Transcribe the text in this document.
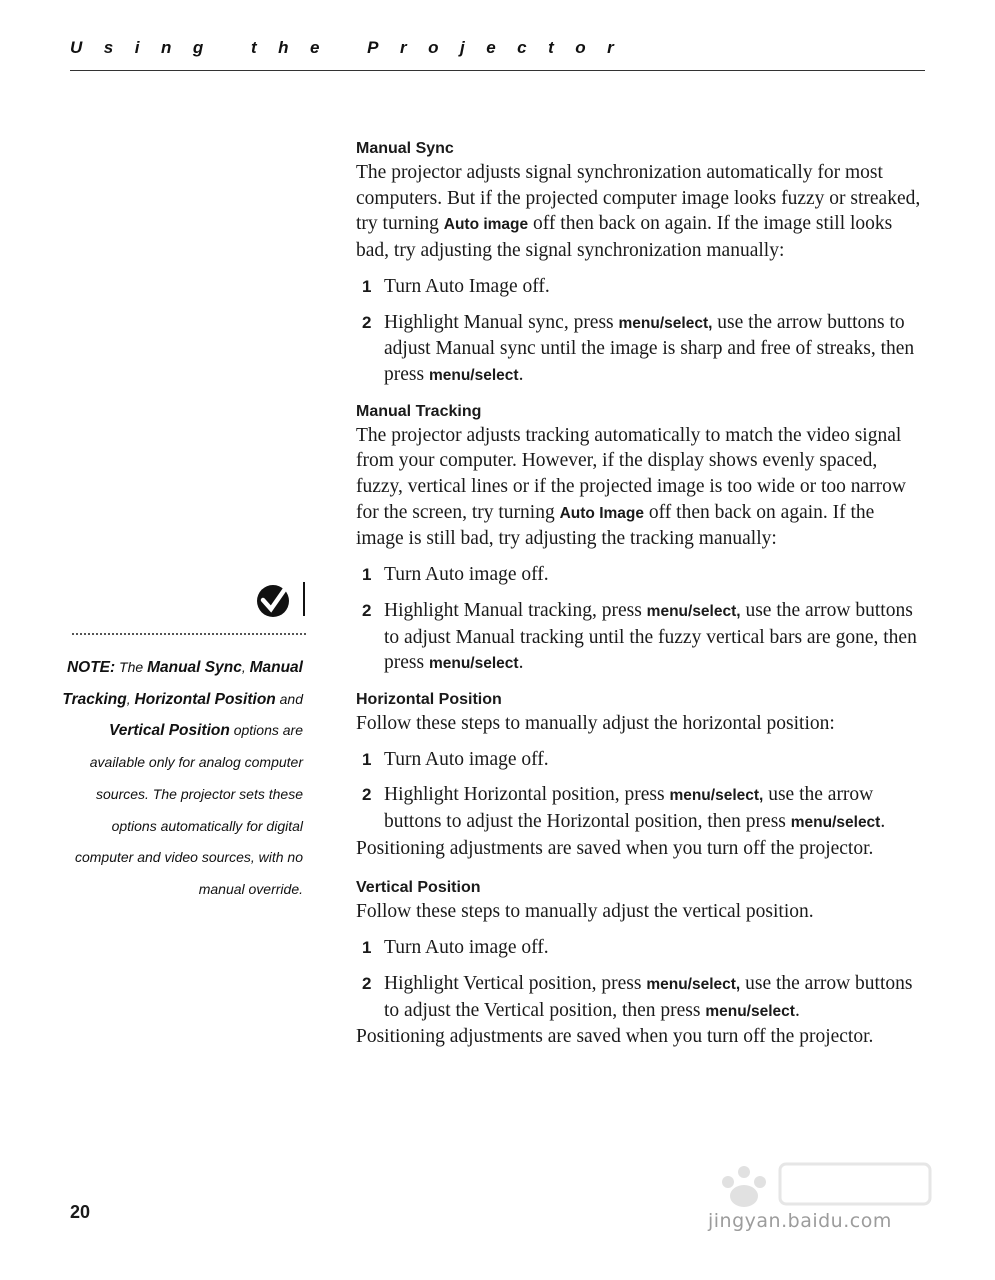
Using the Projector
Manual Sync

The projector adjusts signal synchronization automatically for most computers. But if the projected computer image looks fuzzy or streaked, try turning Auto image off then back on again. If the image still looks bad, try adjusting the signal synchronization manually:

1 Turn Auto Image off.
2 Highlight Manual sync, press menu/select, use the arrow buttons to adjust Manual sync until the image is sharp and free of streaks, then press menu/select.
Manual Tracking

The projector adjusts tracking automatically to match the video signal from your computer. However, if the display shows evenly spaced, fuzzy, vertical lines or if the projected image is too wide or too narrow for the screen, try turning Auto Image off then back on again. If the image is still bad, try adjusting the tracking manually:

1 Turn Auto image off.
2 Highlight Manual tracking, press menu/select, use the arrow buttons to adjust Manual tracking until the fuzzy vertical bars are gone, then press menu/select.
Horizontal Position

Follow these steps to manually adjust the horizontal position:

1 Turn Auto image off.
2 Highlight Horizontal position, press menu/select, use the arrow buttons to adjust the Horizontal position, then press menu/select.

Positioning adjustments are saved when you turn off the projector.

Vertical Position

Follow these steps to manually adjust the vertical position.

1 Turn Auto image off.
2 Highlight Vertical position, press menu/select, use the arrow buttons to adjust the Vertical position, then press menu/select.

Positioning adjustments are saved when you turn off the projector.

NOTE: The Manual Sync, Manual Tracking, Horizontal Position and Vertical Position options are available only for analog computer sources. The projector sets these options automatically for digital computer and video sources, with no manual override.
20	jingyan.baidu.com
